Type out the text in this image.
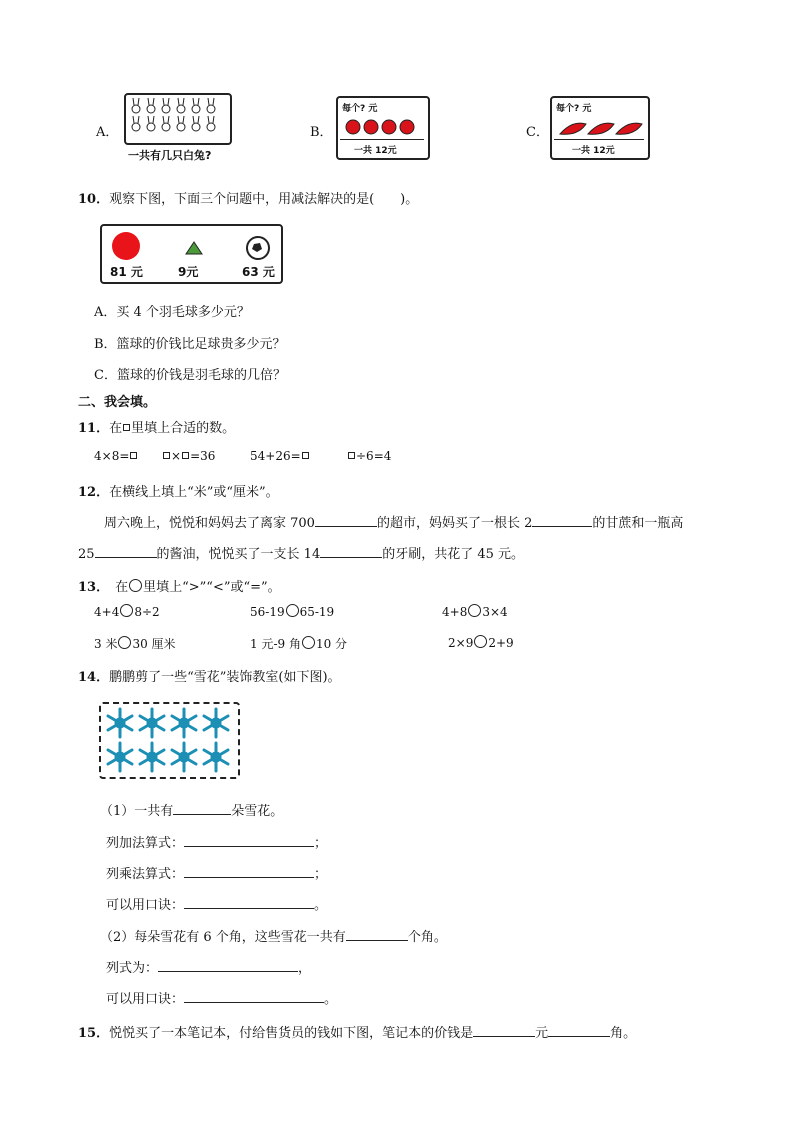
A．
一共有几只白兔?
B．
每个? 元
一共 12元
C．
每个? 元
一共 12元
10．观察下图，下面三个问题中，用减法解决的是(　　)。
81 元	9元	63 元
A．买 4 个羽毛球多少元？
B．篮球的价钱比足球贵多少元？
C．篮球的价钱是羽毛球的几倍？
二、我会填。
11．在 里填上合适的数。
4×8=	× =36	54+26=	÷6=4
12．在横线上填上“米”或“厘米”。
周六晚上，悦悦和妈妈去了离家 700	的超市，妈妈买了一根长 2	的甘蔗和一瓶高
25	的酱油，悦悦买了一支长 14	的牙刷，共花了 45 元。
13． 在 里填上“>”“<”或“=”。
4+4 8÷2	56-19 65-19	4+8 3×4
3 米 30 厘米	1 元-9 角 10 分	2×9 2+9
14．鹏鹏剪了一些“雪花”装饰教室(如下图)。
（1）一共有	朵雪花。
列加法算式：	；
列乘法算式：	；
可以用口诀：	。
（2）每朵雪花有 6 个角，这些雪花一共有	个角。
列式为：	，
可以用口诀：	。
15．悦悦买了一本笔记本，付给售货员的钱如下图，笔记本的价钱是	元	角。
